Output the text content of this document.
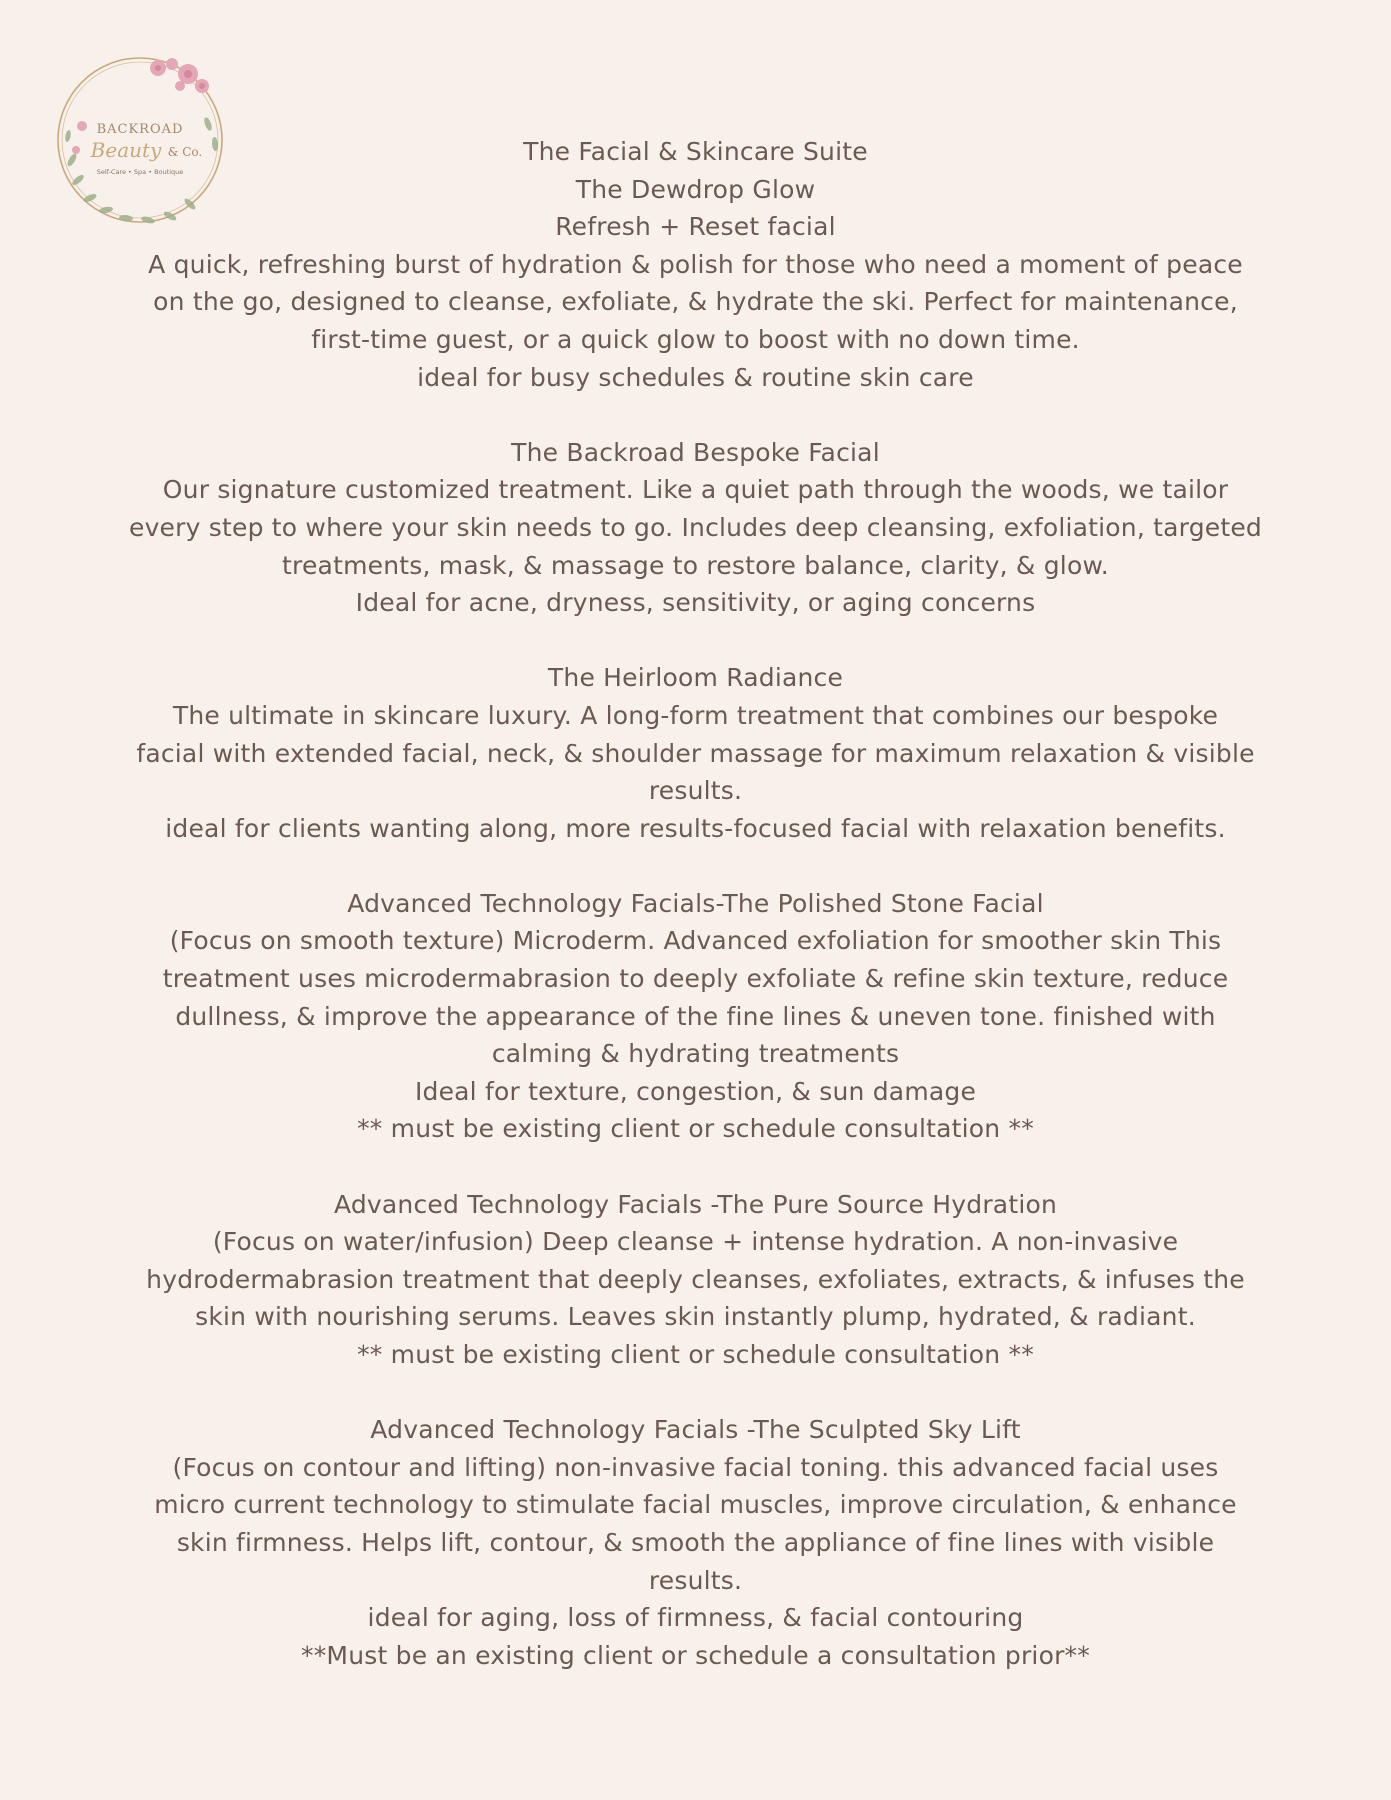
BACKROAD
Beauty & Co.
Self-Care • Spa • Boutique
The Facial & Skincare Suite
The Dewdrop Glow
Refresh + Reset facial
A quick, refreshing burst of hydration & polish for those who need a moment of peace
on the go, designed to cleanse, exfoliate, & hydrate the ski. Perfect for maintenance,
first-time guest, or a quick glow to boost with no down time.
ideal for busy schedules & routine skin care
The Backroad Bespoke Facial
Our signature customized treatment. Like a quiet path through the woods, we tailor
every step to where your skin needs to go. Includes deep cleansing, exfoliation, targeted
treatments, mask, & massage to restore balance, clarity, & glow.
Ideal for acne, dryness, sensitivity, or aging concerns
The Heirloom Radiance
The ultimate in skincare luxury. A long-form treatment that combines our bespoke
facial with extended facial, neck, & shoulder massage for maximum relaxation & visible
results.
ideal for clients wanting along, more results-focused facial with relaxation benefits.
Advanced Technology Facials-The Polished Stone Facial
(Focus on smooth texture) Microderm. Advanced exfoliation for smoother skin This
treatment uses microdermabrasion to deeply exfoliate & refine skin texture, reduce
dullness, & improve the appearance of the fine lines & uneven tone. finished with
calming & hydrating treatments
Ideal for texture, congestion, & sun damage
** must be existing client or schedule consultation **
Advanced Technology Facials -The Pure Source Hydration
(Focus on water/infusion) Deep cleanse + intense hydration. A non-invasive
hydrodermabrasion treatment that deeply cleanses, exfoliates, extracts, & infuses the
skin with nourishing serums. Leaves skin instantly plump, hydrated, & radiant.
** must be existing client or schedule consultation **
Advanced Technology Facials -The Sculpted Sky Lift
(Focus on contour and lifting) non-invasive facial toning. this advanced facial uses
micro current technology to stimulate facial muscles, improve circulation, & enhance
skin firmness. Helps lift, contour, & smooth the appliance of fine lines with visible
results.
ideal for aging, loss of firmness, & facial contouring
**Must be an existing client or schedule a consultation prior**
